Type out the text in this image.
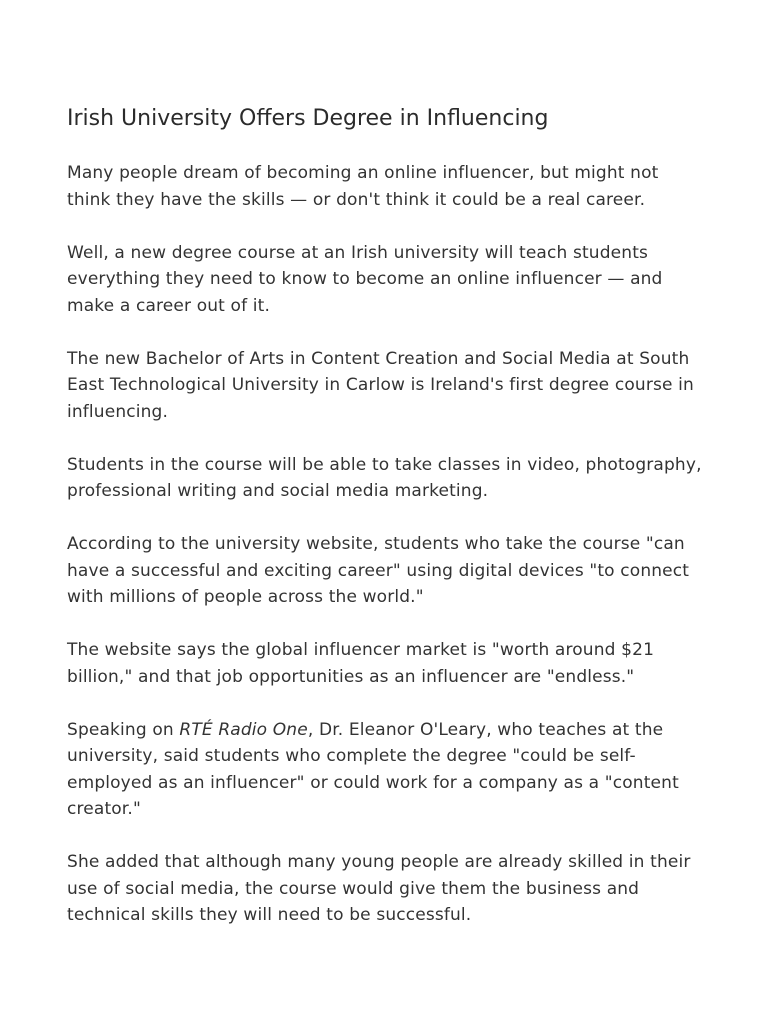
Irish University Offers Degree in Influencing

Many people dream of becoming an online influencer, but might not think they have the skills — or don't think it could be a real career.

Well, a new degree course at an Irish university will teach students everything they need to know to become an online influencer — and make a career out of it.

The new Bachelor of Arts in Content Creation and Social Media at South East Technological University in Carlow is Ireland's first degree course in influencing.

Students in the course will be able to take classes in video, photography, professional writing and social media marketing.

According to the university website, students who take the course "can have a successful and exciting career" using digital devices "to connect with millions of people across the world."

The website says the global influencer market is "worth around $21 billion," and that job opportunities as an influencer are "endless."

Speaking on RTÉ Radio One, Dr. Eleanor O'Leary, who teaches at the university, said students who complete the degree "could be self-employed as an influencer" or could work for a company as a "content creator."

She added that although many young people are already skilled in their use of social media, the course would give them the business and technical skills they will need to be successful.
